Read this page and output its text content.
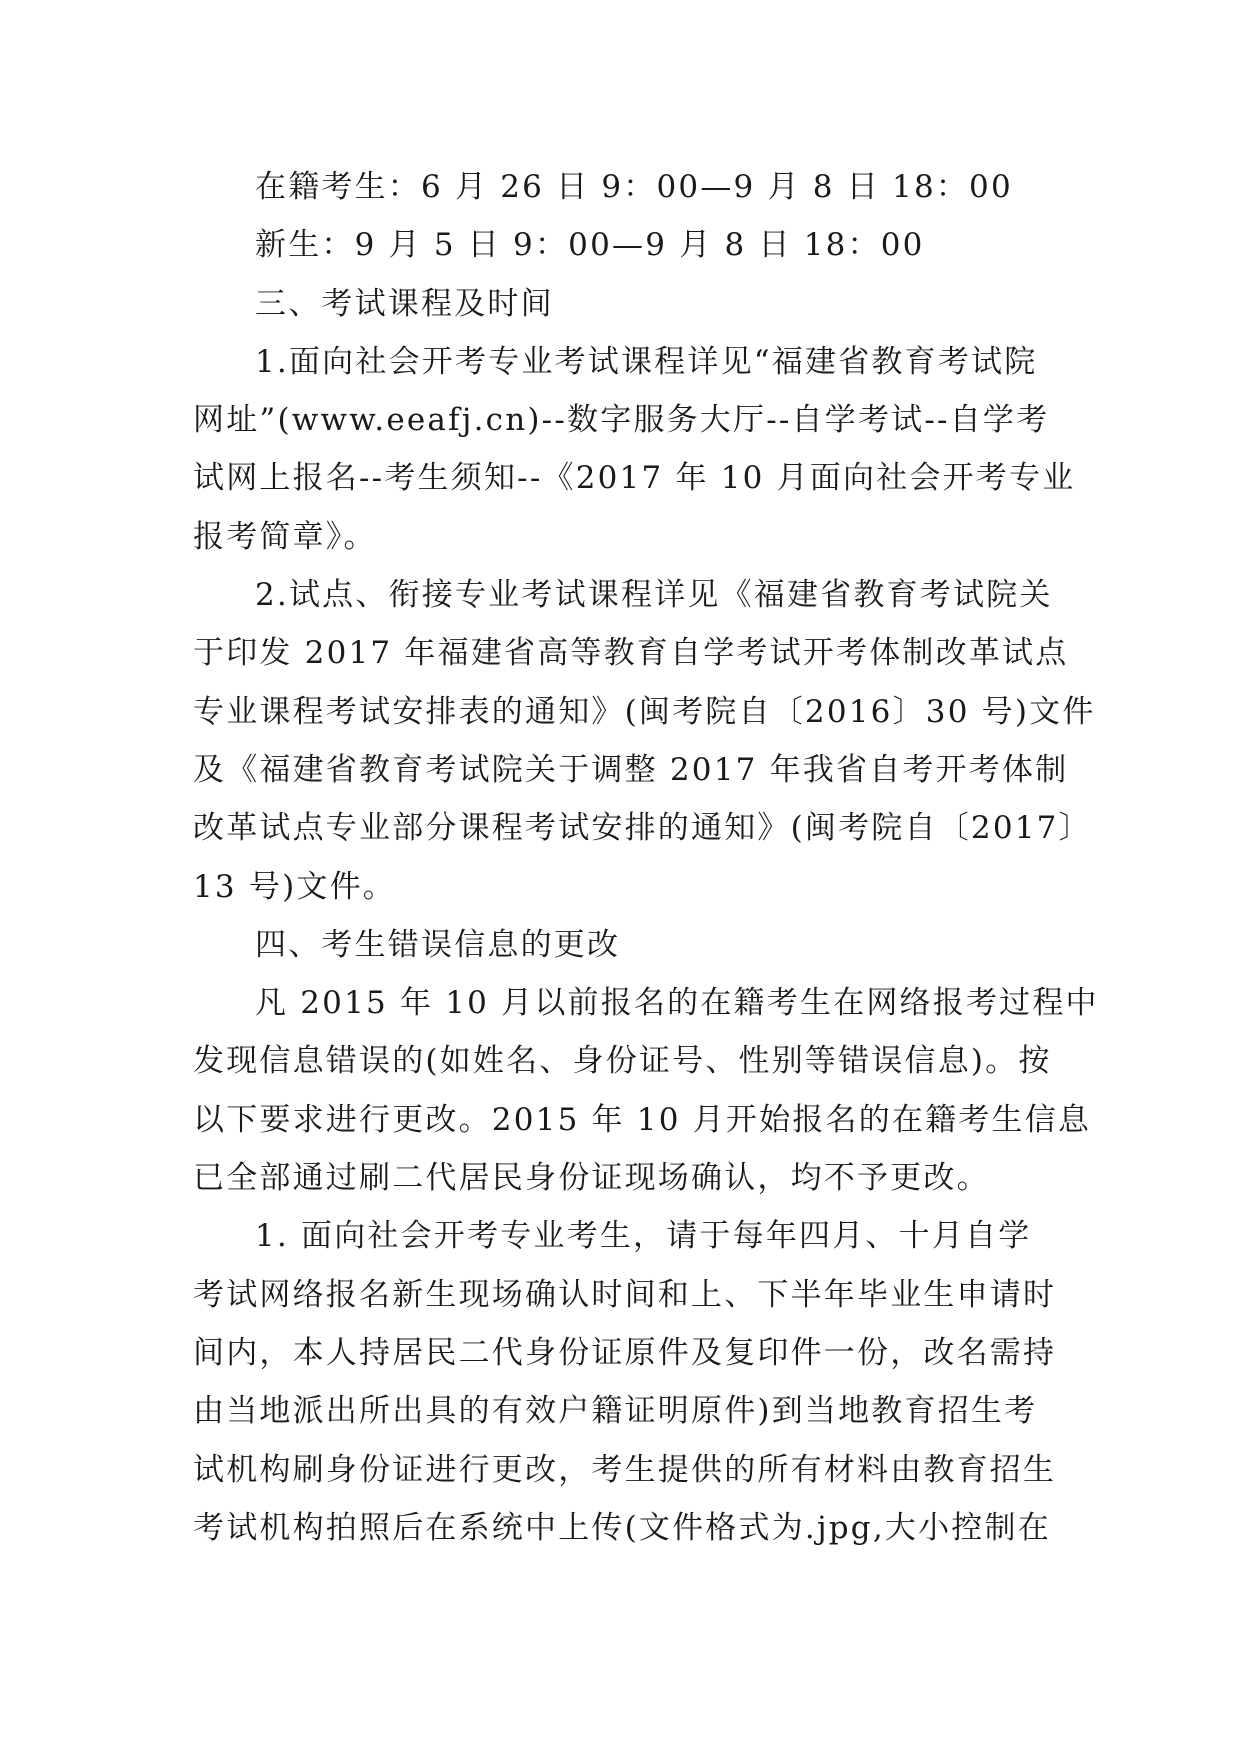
在籍考生：6 月 26 日 9：00—9 月 8 日 18：00
新生：9 月 5 日 9：00—9 月 8 日 18：00
三、考试课程及时间
1.面向社会开考专业考试课程详见“福建省教育考试院
网址”(www.eeafj.cn)--数字服务大厅--自学考试--自学考
试网上报名--考生须知--《2017 年 10 月面向社会开考专业
报考简章》。
2.试点、衔接专业考试课程详见《福建省教育考试院关
于印发 2017 年福建省高等教育自学考试开考体制改革试点
专业课程考试安排表的通知》(闽考院自〔2016〕30 号)文件
及《福建省教育考试院关于调整 2017 年我省自考开考体制
改革试点专业部分课程考试安排的通知》(闽考院自〔2017〕
13 号)文件。
四、考生错误信息的更改
凡 2015 年 10 月以前报名的在籍考生在网络报考过程中
发现信息错误的(如姓名、身份证号、性别等错误信息)。按
以下要求进行更改。2015 年 10 月开始报名的在籍考生信息
已全部通过刷二代居民身份证现场确认，均不予更改。
1. 面向社会开考专业考生，请于每年四月、十月自学
考试网络报名新生现场确认时间和上、下半年毕业生申请时
间内，本人持居民二代身份证原件及复印件一份，改名需持
由当地派出所出具的有效户籍证明原件)到当地教育招生考
试机构刷身份证进行更改，考生提供的所有材料由教育招生
考试机构拍照后在系统中上传(文件格式为.jpg,大小控制在
